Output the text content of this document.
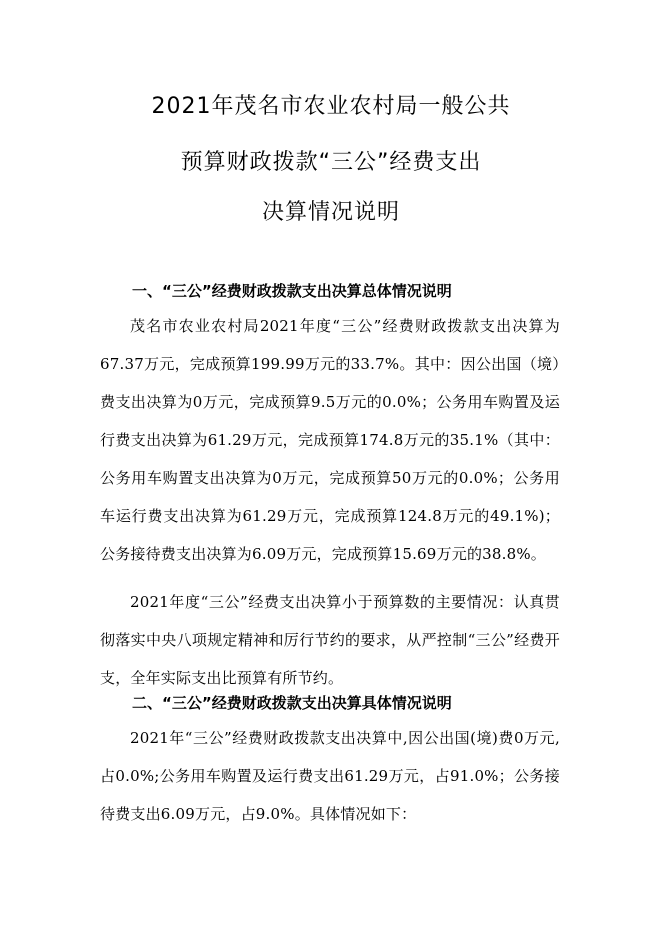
2021年茂名市农业农村局一般公共
预算财政拨款“三公”经费支出
决算情况说明
一、“三公”经费财政拨款支出决算总体情况说明

茂名市农业农村局2021年度“三公”经费财政拨款支出决算为67.37万元，完成预算199.99万元的33.7%。其中：因公出国（境）费支出决算为0万元，完成预算9.5万元的0.0%；公务用车购置及运行费支出决算为61.29万元，完成预算174.8万元的35.1%（其中：公务用车购置支出决算为0万元，完成预算50万元的0.0%；公务用车运行费支出决算为61.29万元，完成预算124.8万元的49.1%)；公务接待费支出决算为6.09万元，完成预算15.69万元的38.8%。

2021年度“三公”经费支出决算小于预算数的主要情况：认真贯彻落实中央八项规定精神和厉行节约的要求，从严控制“三公”经费开支，全年实际支出比预算有所节约。

二、“三公”经费财政拨款支出决算具体情况说明

2021年“三公”经费财政拨款支出决算中,因公出国(境)费0万元,占0.0%;公务用车购置及运行费支出61.29万元，占91.0%；公务接待费支出6.09万元，占9.0%。具体情况如下：
